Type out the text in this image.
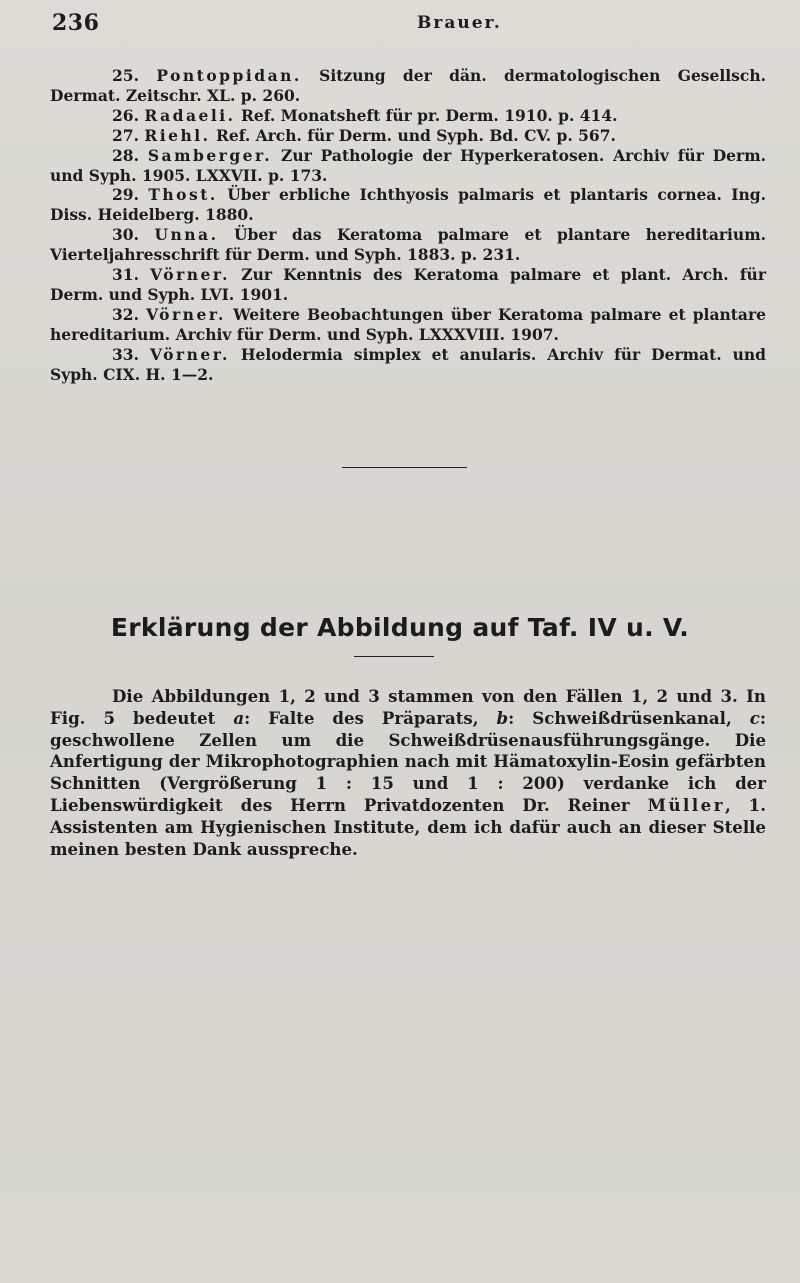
236	Brauer.
25. Pontoppidan. Sitzung der dän. dermatologischen Gesellsch. Dermat. Zeitschr. XL. p. 260.
26. Radaeli. Ref. Monatsheft für pr. Derm. 1910. p. 414.
27. Riehl. Ref. Arch. für Derm. und Syph. Bd. CV. p. 567.
28. Samberger. Zur Pathologie der Hyperkeratosen. Archiv für Derm. und Syph. 1905. LXXVII. p. 173.
29. Thost. Über erbliche Ichthyosis palmaris et plantaris cornea. Ing. Diss. Heidelberg. 1880.
30. Unna. Über das Keratoma palmare et plantare hereditarium. Vierteljahresschrift für Derm. und Syph. 1883. p. 231.
31. Vörner. Zur Kenntnis des Keratoma palmare et plant. Arch. für Derm. und Syph. LVI. 1901.
32. Vörner. Weitere Beobachtungen über Keratoma palmare et plantare hereditarium. Archiv für Derm. und Syph. LXXXVIII. 1907.
33. Vörner. Helodermia simplex et anularis. Archiv für Dermat. und Syph. CIX. H. 1—2.
Erklärung der Abbildung auf Taf. IV u. V.

Die Abbildungen 1, 2 und 3 stammen von den Fällen 1, 2 und 3. In Fig. 5 bedeutet a: Falte des Präparats, b: Schweißdrüsenkanal, c: geschwollene Zellen um die Schweißdrüsenausführungsgänge. Die Anfertigung der Mikrophotographien nach mit Hämatoxylin-Eosin gefärbten Schnitten (Vergrößerung 1 : 15 und 1 : 200) verdanke ich der Liebenswürdigkeit des Herrn Privatdozenten Dr. Reiner Müller, 1. Assistenten am Hygienischen Institute, dem ich dafür auch an dieser Stelle meinen besten Dank ausspreche.
